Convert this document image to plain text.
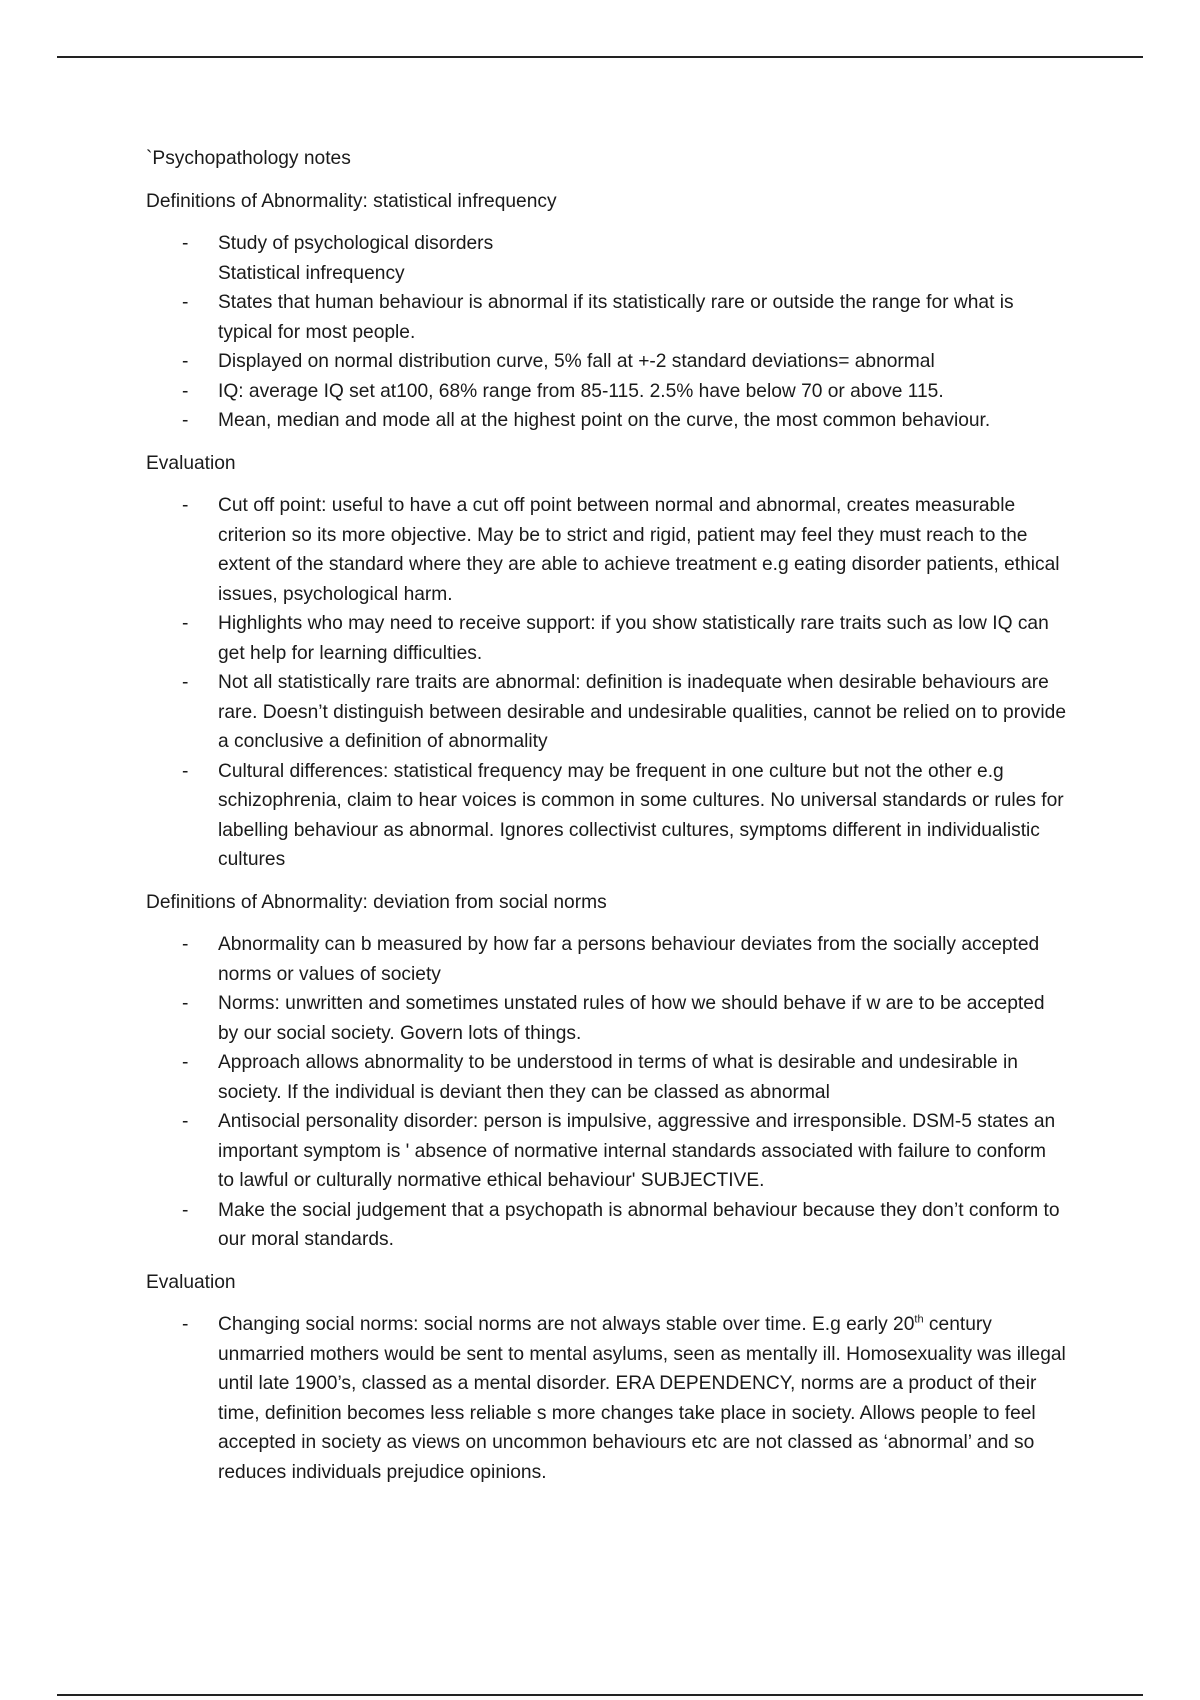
`Psychopathology notes

Definitions of Abnormality: statistical infrequency

- Study of psychological disorders
Statistical infrequency
- States that human behaviour is abnormal if its statistically rare or outside the range for what is typical for most people.
- Displayed on normal distribution curve, 5% fall at +-2 standard deviations= abnormal
- IQ: average IQ set at100, 68% range from 85-115. 2.5% have below 70 or above 115.
- Mean, median and mode all at the highest point on the curve, the most common behaviour.

Evaluation

- Cut off point: useful to have a cut off point between normal and abnormal, creates measurable criterion so its more objective. May be to strict and rigid, patient may feel they must reach to the extent of the standard where they are able to achieve treatment e.g eating disorder patients, ethical issues, psychological harm.
- Highlights who may need to receive support: if you show statistically rare traits such as low IQ can get help for learning difficulties.
- Not all statistically rare traits are abnormal: definition is inadequate when desirable behaviours are rare. Doesn’t distinguish between desirable and undesirable qualities, cannot be relied on to provide a conclusive a definition of abnormality
- Cultural differences: statistical frequency may be frequent in one culture but not the other e.g schizophrenia, claim to hear voices is common in some cultures. No universal standards or rules for labelling behaviour as abnormal. Ignores collectivist cultures, symptoms different in individualistic cultures

Definitions of Abnormality: deviation from social norms

- Abnormality can b measured by how far a persons behaviour deviates from the socially accepted norms or values of society
- Norms: unwritten and sometimes unstated rules of how we should behave if w are to be accepted by our social society. Govern lots of things.
- Approach allows abnormality to be understood in terms of what is desirable and undesirable in society. If the individual is deviant then they can be classed as abnormal
- Antisocial personality disorder: person is impulsive, aggressive and irresponsible. DSM-5 states an important symptom is ' absence of normative internal standards associated with failure to conform to lawful or culturally normative ethical behaviour' SUBJECTIVE.
- Make the social judgement that a psychopath is abnormal behaviour because they don’t conform to our moral standards.

Evaluation

- Changing social norms: social norms are not always stable over time. E.g early 20th century unmarried mothers would be sent to mental asylums, seen as mentally ill. Homosexuality was illegal until late 1900’s, classed as a mental disorder. ERA DEPENDENCY, norms are a product of their time, definition becomes less reliable s more changes take place in society. Allows people to feel accepted in society as views on uncommon behaviours etc are not classed as ‘abnormal’ and so reduces individuals prejudice opinions.
